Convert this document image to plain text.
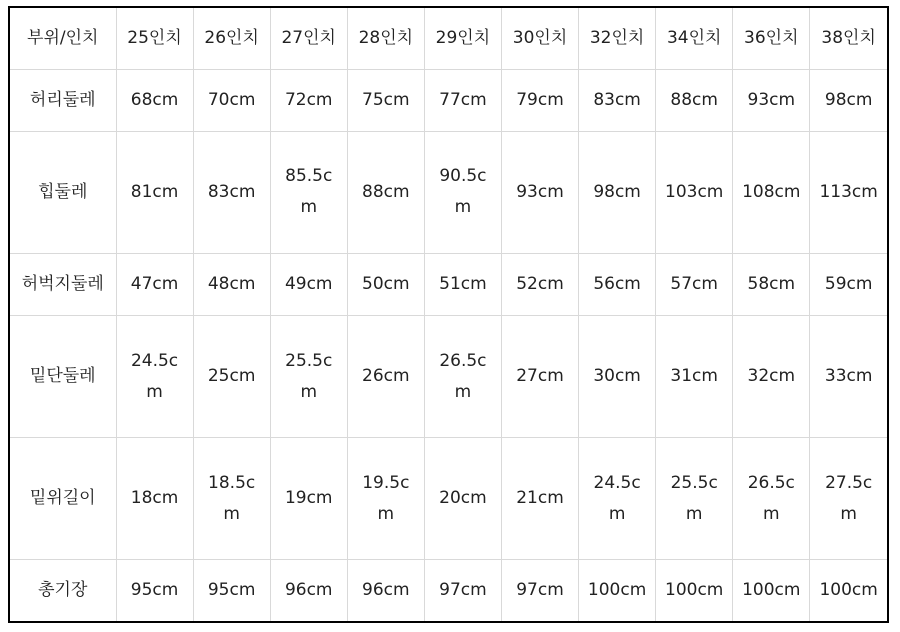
부위/인치	25인치	26인치	27인치	28인치	29인치	30인치	32인치	34인치	36인치	38인치
허리둘레	68cm	70cm	72cm	75cm	77cm	79cm	83cm	88cm	93cm	98cm
힙둘레	81cm	83cm	85.5cm	88cm	90.5cm	93cm	98cm	103cm	108cm	113cm
허벅지둘레	47cm	48cm	49cm	50cm	51cm	52cm	56cm	57cm	58cm	59cm
밑단둘레	24.5cm	25cm	25.5cm	26cm	26.5cm	27cm	30cm	31cm	32cm	33cm
밑위길이	18cm	18.5cm	19cm	19.5cm	20cm	21cm	24.5cm	25.5cm	26.5cm	27.5cm
총기장	95cm	95cm	96cm	96cm	97cm	97cm	100cm	100cm	100cm	100cm
